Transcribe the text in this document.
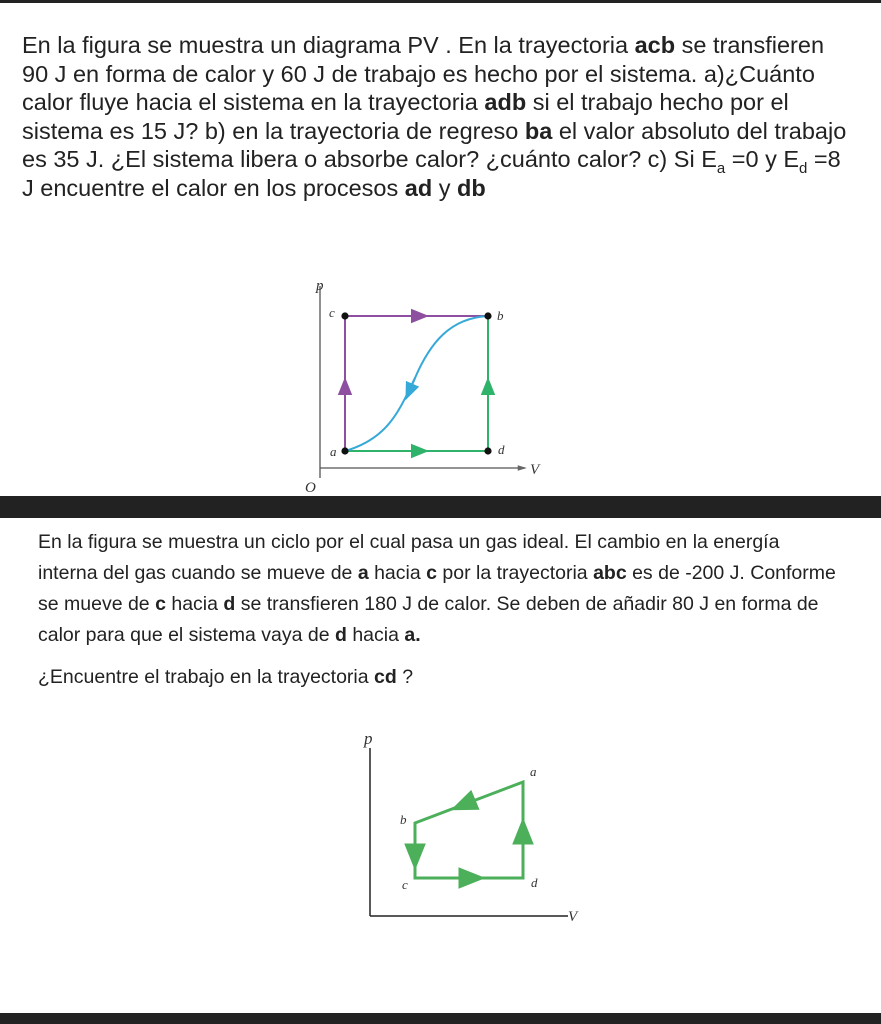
En la figura se muestra un diagrama PV . En la trayectoria acb se transfieren 90 J en forma de calor y 60 J de trabajo es hecho por el sistema. a)¿Cuánto calor fluye hacia el sistema en la trayectoria adb si el trabajo hecho por el sistema es 15 J? b) en la trayectoria de regreso ba el valor absoluto del trabajo es 35 J. ¿El sistema libera o absorbe calor? ¿cuánto calor? c) Si $E_a =0$ y $E_d =8$ J encuentre el calor en los procesos ad y db
p
V
O
c	b
a	d
En la figura se muestra un ciclo por el cual pasa un gas ideal. El cambio en la energía interna del gas cuando se mueve de a hacia c por la trayectoria abc es de -200 J. Conforme se mueve de c hacia d se transfieren 180 J de calor. Se deben de añadir 80 J en forma de calor para que el sistema vaya de d hacia a.
¿Encuentre el trabajo en la trayectoria cd ?
p
V
a
b
c	d
